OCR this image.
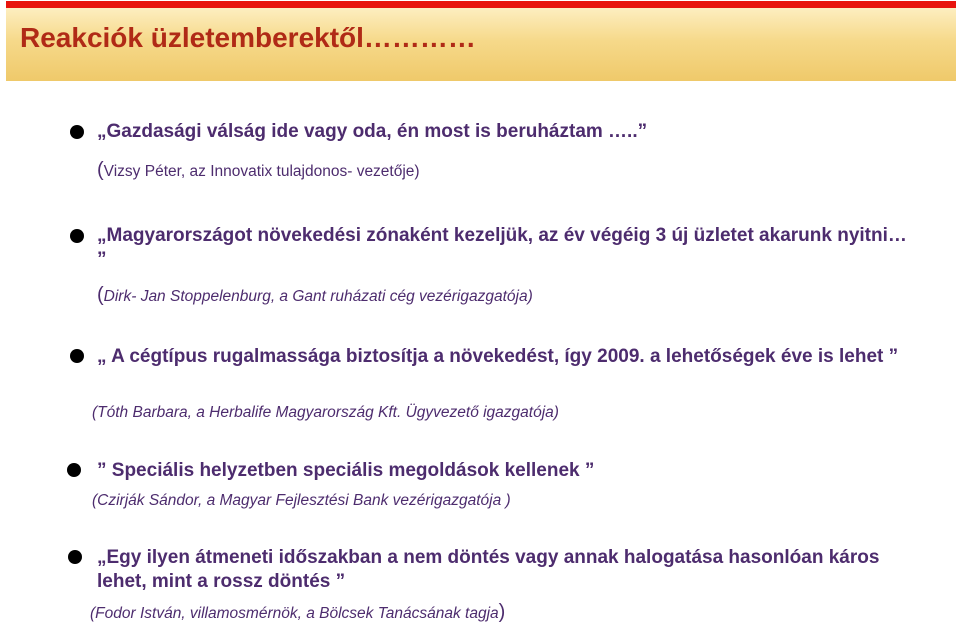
Reakciók üzletemberektől…………

„Gazdasági válság ide vagy oda, én most is beruháztam …..”

(Vizsy Péter, az Innovatix tulajdonos- vezetője)

„Magyarországot növekedési zónaként kezeljük, az év végéig 3 új üzletet akarunk nyitni… ”

(Dirk- Jan Stoppelenburg, a Gant ruházati cég vezérigazgatója)

„ A cégtípus rugalmassága biztosítja a növekedést, így 2009. a lehetőségek éve is lehet ”

(Tóth Barbara, a Herbalife Magyarország Kft. Ügyvezető igazgatója)

” Speciális helyzetben speciális megoldások kellenek ”

(Czirják Sándor, a Magyar Fejlesztési Bank vezérigazgatója )

„Egy ilyen átmeneti időszakban a nem döntés vagy annak halogatása hasonlóan káros lehet, mint a rossz döntés ”

(Fodor István, villamosmérnök, a Bölcsek Tanácsának tagja)
